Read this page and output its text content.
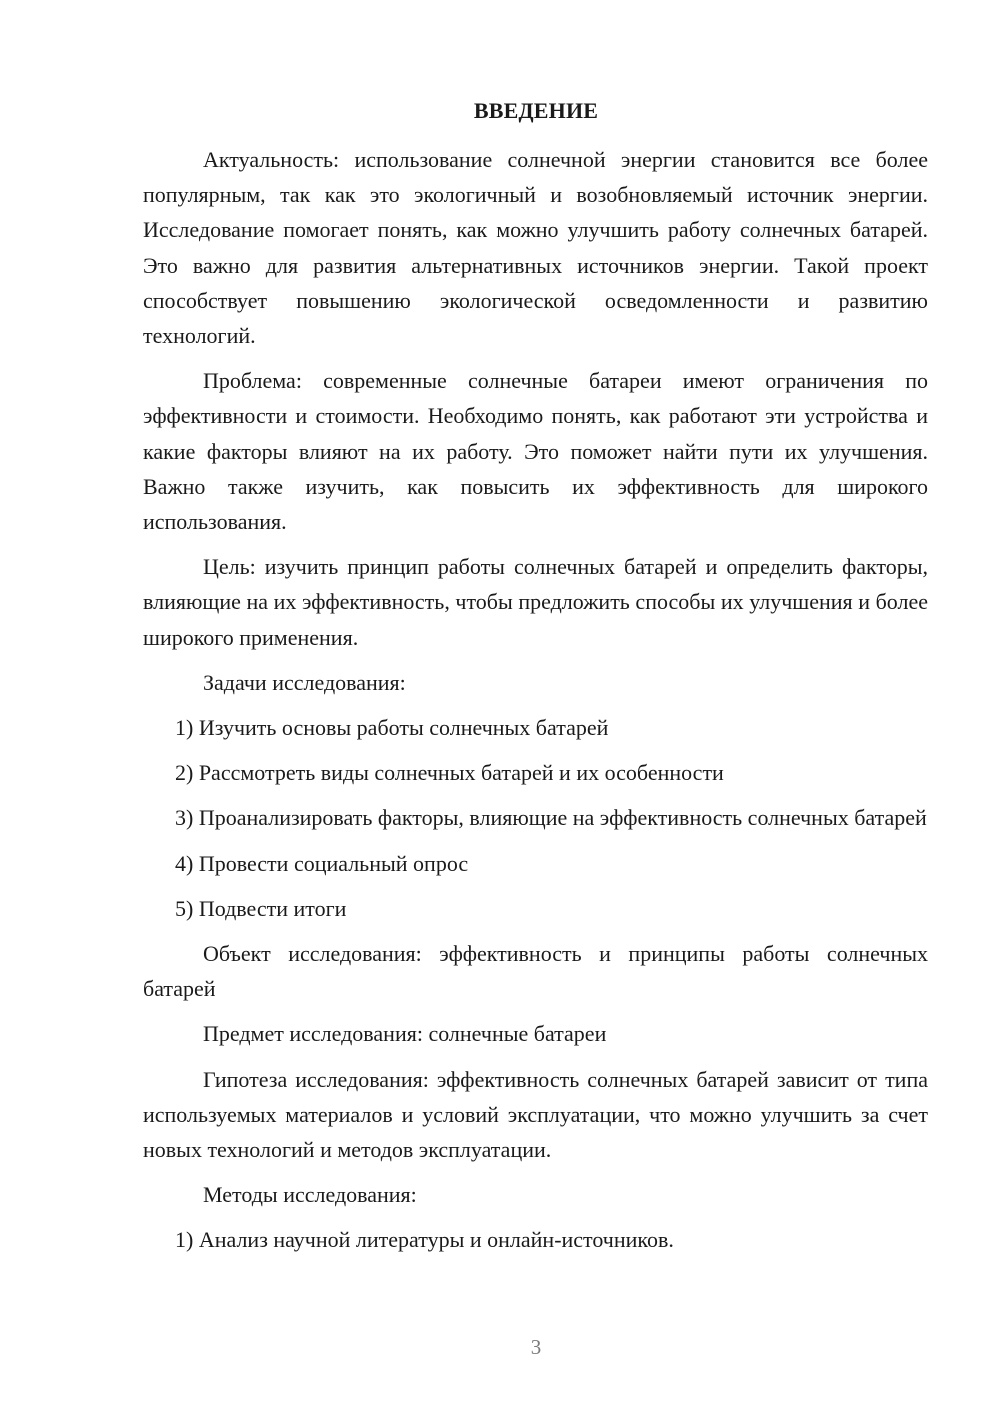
ВВЕДЕНИЕ

Актуальность: использование солнечной энергии становится все более популярным, так как это экологичный и возобновляемый источник энергии. Исследование помогает понять, как можно улучшить работу солнечных батарей. Это важно для развития альтернативных источников энергии. Такой проект способствует повышению экологической осведомленности и развитию технологий.

Проблема: современные солнечные батареи имеют ограничения по эффективности и стоимости. Необходимо понять, как работают эти устройства и какие факторы влияют на их работу. Это поможет найти пути их улучшения. Важно также изучить, как повысить их эффективность для широкого использования.

Цель: изучить принцип работы солнечных батарей и определить факторы, влияющие на их эффективность, чтобы предложить способы их улучшения и более широкого применения.

Задачи исследования:

1) Изучить основы работы солнечных батарей

2) Рассмотреть виды солнечных батарей и их особенности

3) Проанализировать факторы, влияющие на эффективность солнечных батарей

4) Провести социальный опрос

5) Подвести итоги

Объект исследования: эффективность и принципы работы солнечных батарей

Предмет исследования: солнечные батареи

Гипотеза исследования: эффективность солнечных батарей зависит от типа используемых материалов и условий эксплуатации, что можно улучшить за счет новых технологий и методов эксплуатации.

Методы исследования:

1) Анализ научной литературы и онлайн-источников.

3
